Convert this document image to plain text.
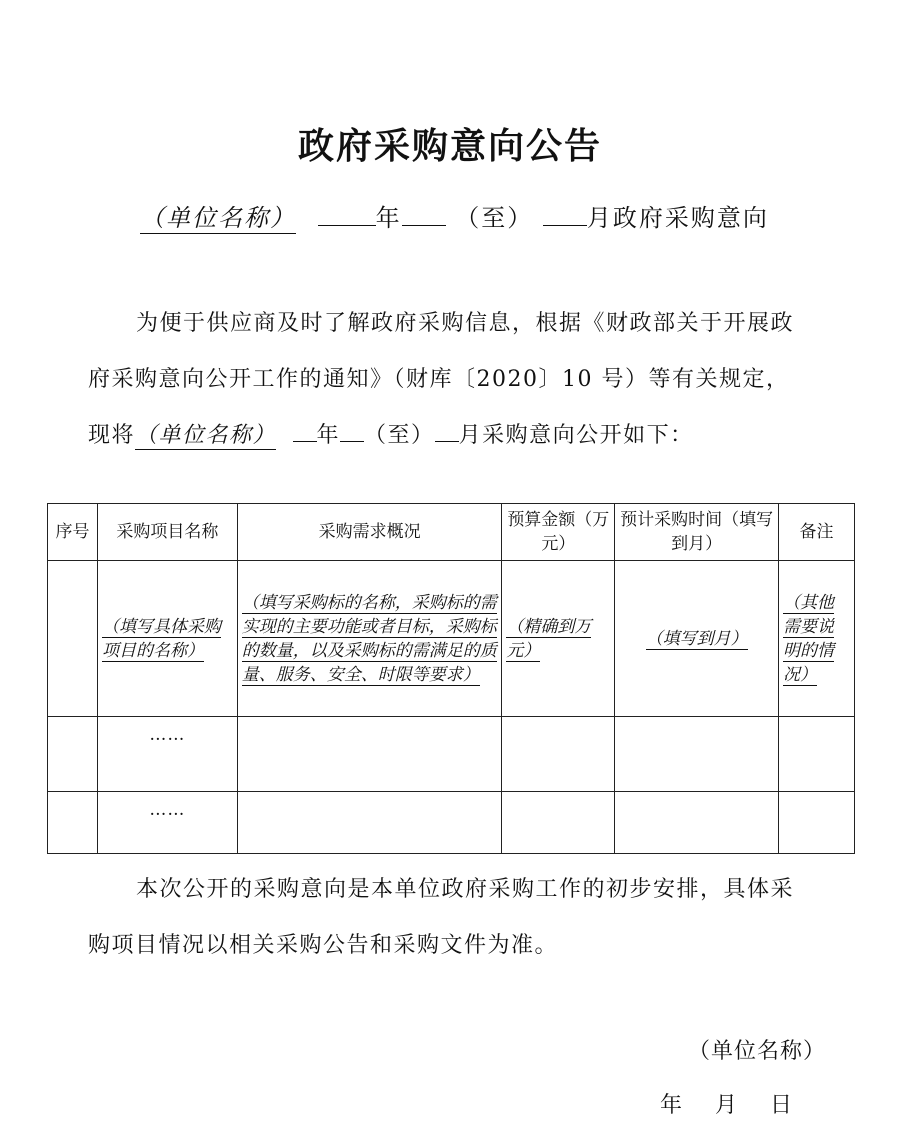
政府采购意向公告
（单位名称）	年 （至） 月政府采购意向
为便于供应商及时了解政府采购信息，根据《财政部关于开展政
府采购意向公开工作的通知》（财库〔2020〕10 号）等有关规定，
现将（单位名称） 年 （至） 月采购意向公开如下：
序号	采购项目名称	采购需求概况	预算金额（万元）	预计采购时间（填写到月）	备注
	（填写具体采购项目的名称）	（填写采购标的名称，采购标的需实现的主要功能或者目标，采购标的数量，以及采购标的需满足的质量、服务、安全、时限等要求）	（精确到万元）	（填写到月）	（其他需要说明的情况）
	……				
	……				
本次公开的采购意向是本单位政府采购工作的初步安排，具体采
购项目情况以相关采购公告和采购文件为准。
（单位名称）
年 月 日
